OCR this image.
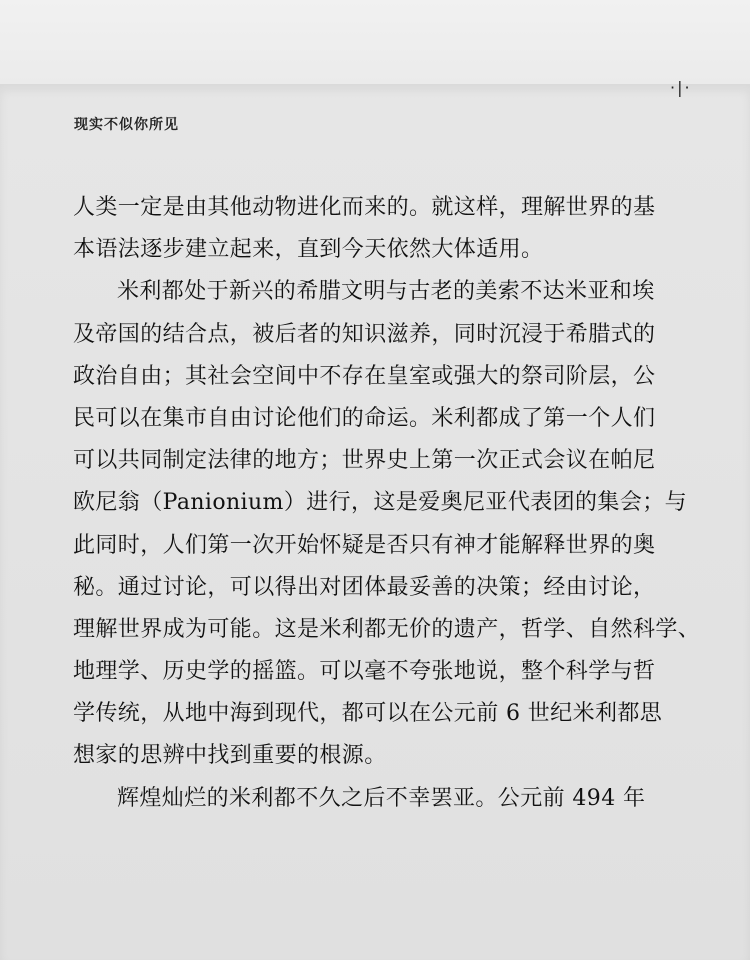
·|·
现实不似你所见
人类一定是由其他动物进化而来的。就这样，理解世界的基
本语法逐步建立起来，直到今天依然大体适用。
米利都处于新兴的希腊文明与古老的美索不达米亚和埃
及帝国的结合点，被后者的知识滋养，同时沉浸于希腊式的
政治自由；其社会空间中不存在皇室或强大的祭司阶层，公
民可以在集市自由讨论他们的命运。米利都成了第一个人们
可以共同制定法律的地方；世界史上第一次正式会议在帕尼
欧尼翁（Panionium）进行，这是爱奥尼亚代表团的集会；与
此同时，人们第一次开始怀疑是否只有神才能解释世界的奥
秘。通过讨论，可以得出对团体最妥善的决策；经由讨论，
理解世界成为可能。这是米利都无价的遗产，哲学、自然科学、
地理学、历史学的摇篮。可以毫不夸张地说，整个科学与哲
学传统，从地中海到现代，都可以在公元前 6 世纪米利都思
想家的思辨中找到重要的根源。
辉煌灿烂的米利都不久之后不幸罢亚。公元前 494 年
